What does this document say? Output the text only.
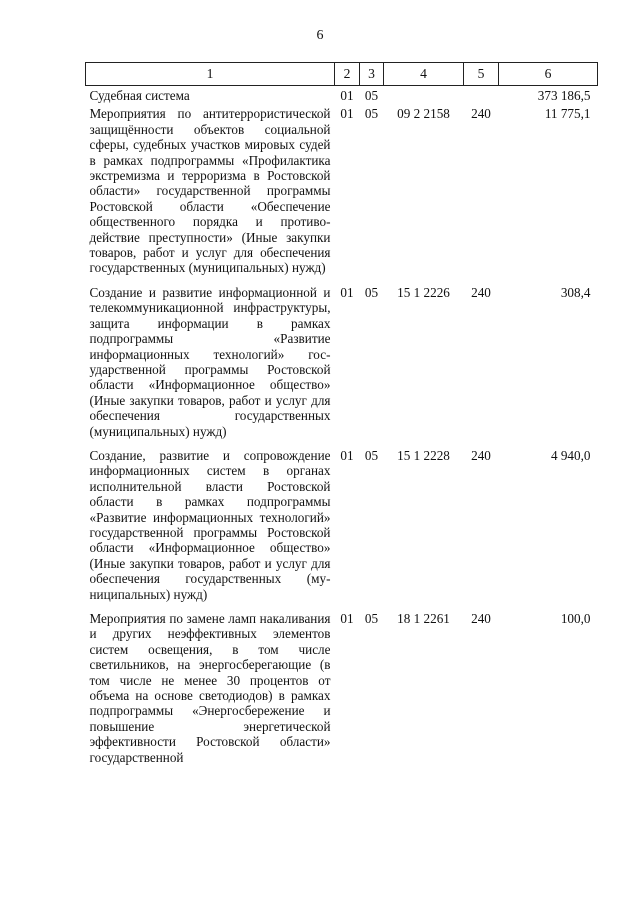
6
1	2	3	4	5	6
Судебная система	01	05			373 186,5
Мероприятия по антитеррористической защищённости объектов социальной сферы, судебных участков мировых судей в рамках подпрограммы «Профилактика экстремизма и терроризма в Ростовской области» государственной программы Ростовской области «Обеспечение общественного порядка и противодействие преступности» (Иные закупки товаров, работ и услуг для обеспечения государственных (муниципальных) нужд)	01	05	09 2 2158	240	11 775,1
Создание и развитие информационной и телекоммуникационной инфраструктуры, защита информации в рамках подпрограммы «Развитие информационных технологий» государственной программы Ростовской области «Информационное общество» (Иные закупки товаров, работ и услуг для обеспечения государственных (муниципальных) нужд)	01	05	15 1 2226	240	308,4
Создание, развитие и сопровождение информационных систем в органах исполнительной власти Ростовской области в рамках подпрограммы «Развитие информационных технологий» государственной программы Ростовской области «Информационное общество» (Иные закупки товаров, работ и услуг для обеспечения государственных (муниципальных) нужд)	01	05	15 1 2228	240	4 940,0
Мероприятия по замене ламп накаливания и других неэффективных элементов систем освещения, в том числе светильников, на энергосберегающие (в том числе не менее 30 процентов от объема на основе светодиодов) в рамках подпрограммы «Энергосбережение и повышение энергетической эффективности Ростовской области» государственной	01	05	18 1 2261	240	100,0
